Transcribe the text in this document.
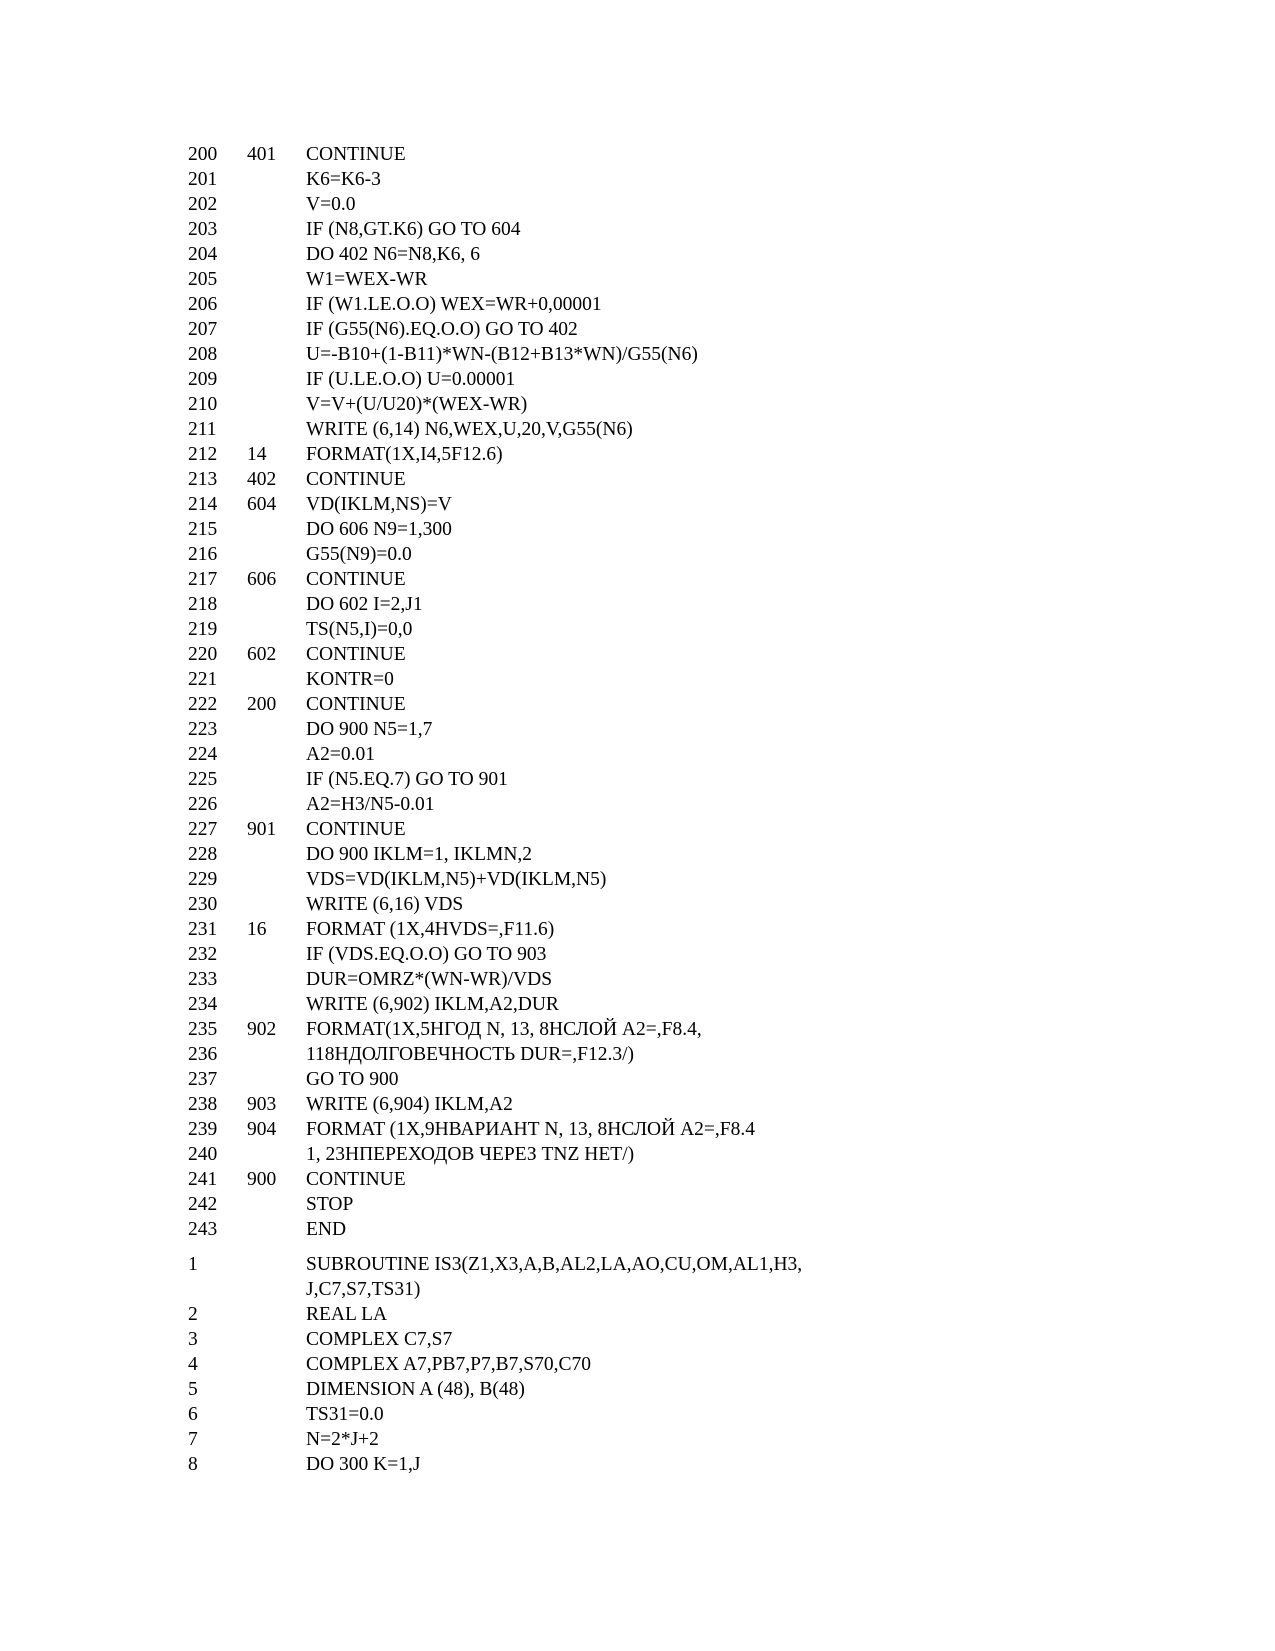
200 401 CONTINUE
201	K6=K6-3
202	V=0.0
203	IF (N8,GT.K6) GO TO 604
204	DO 402 N6=N8,K6, 6
205	W1=WEX-WR
206	IF (W1.LE.O.O) WEX=WR+0,00001
207	IF (G55(N6).EQ.O.O) GO TO 402
208	U=-B10+(1-B11)*WN-(B12+B13*WN)/G55(N6)
209	IF (U.LE.O.O) U=0.00001
210	V=V+(U/U20)*(WEX-WR)
211	WRITE (6,14) N6,WEX,U,20,V,G55(N6)
212 14 FORMAT(1X,I4,5F12.6)
213 402 CONTINUE
214 604 VD(IKLM,NS)=V
215	DO 606 N9=1,300
216	G55(N9)=0.0
217 606 CONTINUE
218	DO 602 I=2,J1
219	TS(N5,I)=0,0
220 602 CONTINUE
221	KONTR=0
222 200 CONTINUE
223	DO 900 N5=1,7
224	A2=0.01
225	IF (N5.EQ.7) GO TO 901
226	A2=H3/N5-0.01
227 901 CONTINUE
228	DO 900 IKLM=1, IKLMN,2
229	VDS=VD(IKLM,N5)+VD(IKLM,N5)
230	WRITE (6,16) VDS
231 16 FORMAT (1X,4HVDS=,F11.6)
232	IF (VDS.EQ.O.O) GO TO 903
233	DUR=OMRZ*(WN-WR)/VDS
234	WRITE (6,902) IKLM,A2,DUR
235 902 FORMAT(1X,5HГОД N, 13, 8HСЛОЙ A2=,F8.4,
236	118HДОЛГОВЕЧНОСТЬ DUR=,F12.3/)
237	GO TO 900
238 903 WRITE (6,904) IKLM,A2
239 904 FORMAT (1X,9HВАРИАНТ N, 13, 8HСЛОЙ A2=,F8.4
240	1, 23HПЕРЕХОДОВ ЧЕРЕЗ TNZ НЕТ/)
241 900 CONTINUE
242	STOP
243	END
1	SUBROUTINE IS3(Z1,X3,A,B,AL2,LA,AO,CU,OM,AL1,H3,
J,C7,S7,TS31)
2	REAL LA
3	COMPLEX C7,S7
4	COMPLEX A7,PB7,P7,B7,S70,C70
5	DIMENSION A (48), B(48)
6	TS31=0.0
7	N=2*J+2
8	DO 300 K=1,J
